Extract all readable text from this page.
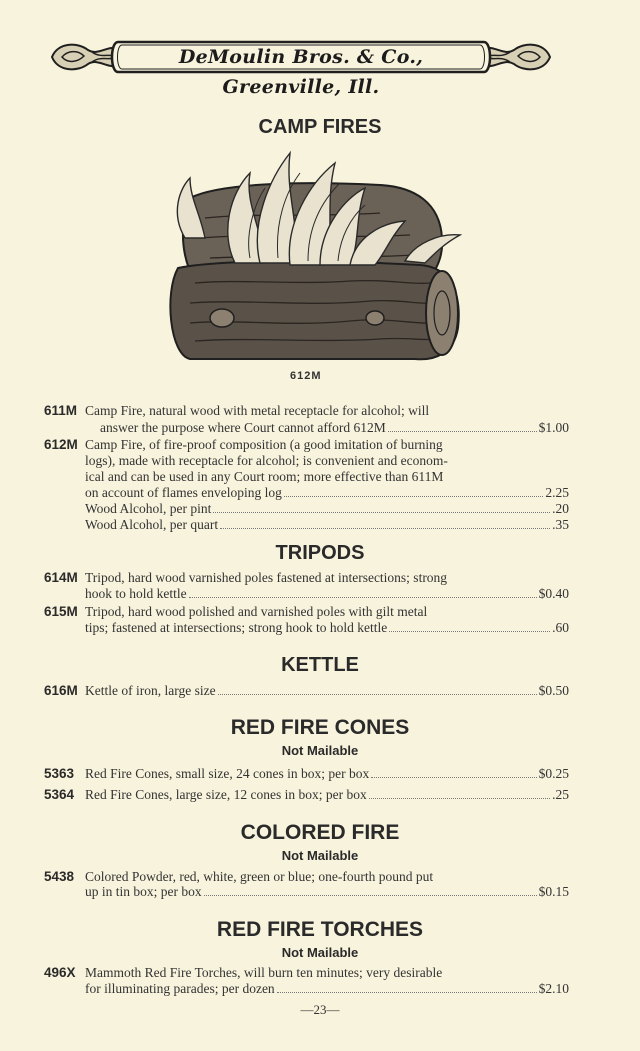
DeMoulin Bros. & Co., Greenville, Ill.
CAMP FIRES
612M
611M Camp Fire, natural wood with metal receptacle for alcohol; will
answer the purpose where Court cannot afford 612M	$1.00
612M Camp Fire, of fire-proof composition (a good imitation of burning
logs), made with receptacle for alcohol; is convenient and econom-
ical and can be used in any Court room; more effective than 611M
on account of flames enveloping log	2.25
Wood Alcohol, per pint	.20
Wood Alcohol, per quart	.35
TRIPODS
614M Tripod, hard wood varnished poles fastened at intersections; strong
hook to hold kettle	$0.40
615M Tripod, hard wood polished and varnished poles with gilt metal
tips; fastened at intersections; strong hook to hold kettle	.60
KETTLE
616M Kettle of iron, large size	$0.50
RED FIRE CONES
Not Mailable
5363 Red Fire Cones, small size, 24 cones in box; per box	$0.25
5364 Red Fire Cones, large size, 12 cones in box; per box	.25
COLORED FIRE
Not Mailable
5438 Colored Powder, red, white, green or blue; one-fourth pound put
up in tin box; per box	$0.15
RED FIRE TORCHES
Not Mailable
496X Mammoth Red Fire Torches, will burn ten minutes; very desirable
for illuminating parades; per dozen	$2.10
—23—
